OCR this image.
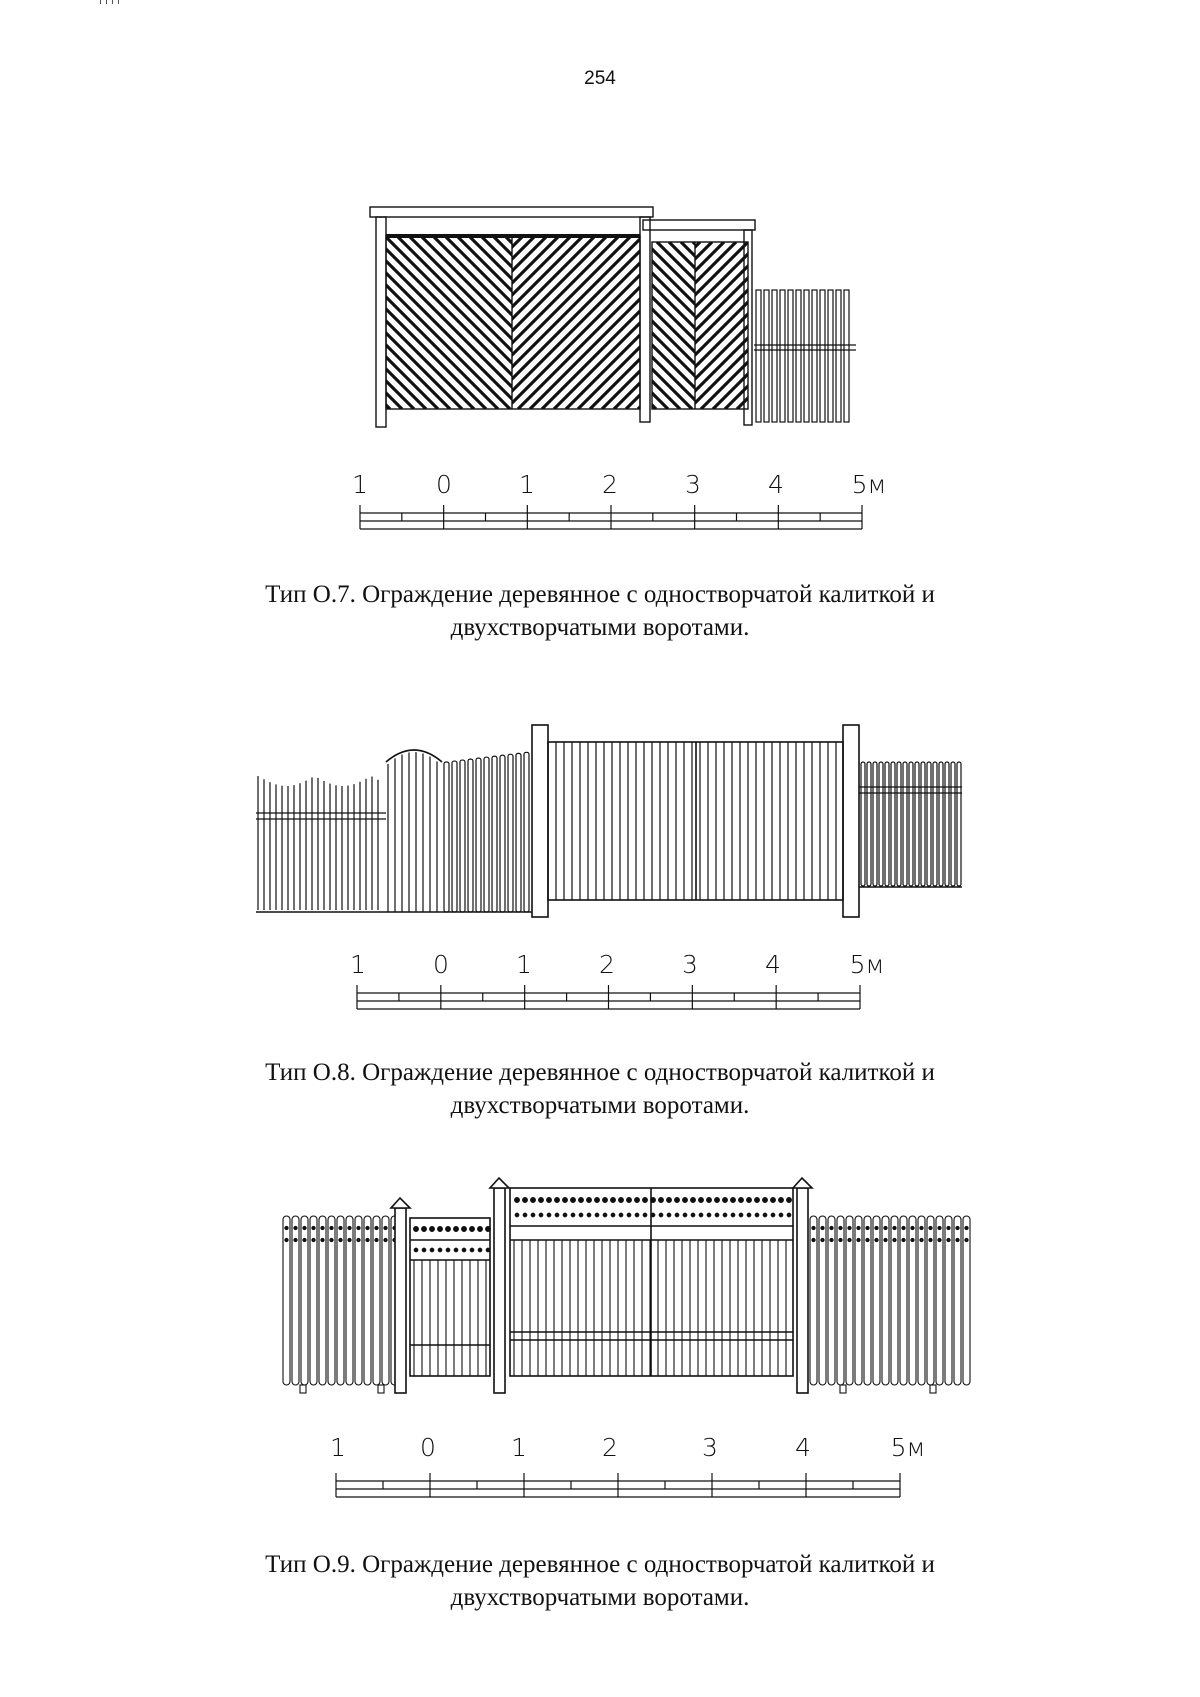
254
1	0	1	2	3	4	5м
Тип О.7. Ограждение деревянное с одностворчатой калиткой и
двухстворчатыми воротами.
1	0	1	2	3	4	5м
Тип О.8. Ограждение деревянное с одностворчатой калиткой и
двухстворчатыми воротами.
1	0	1	2	3	4	5м
Тип О.9. Ограждение деревянное с одностворчатой калиткой и
двухстворчатыми воротами.
